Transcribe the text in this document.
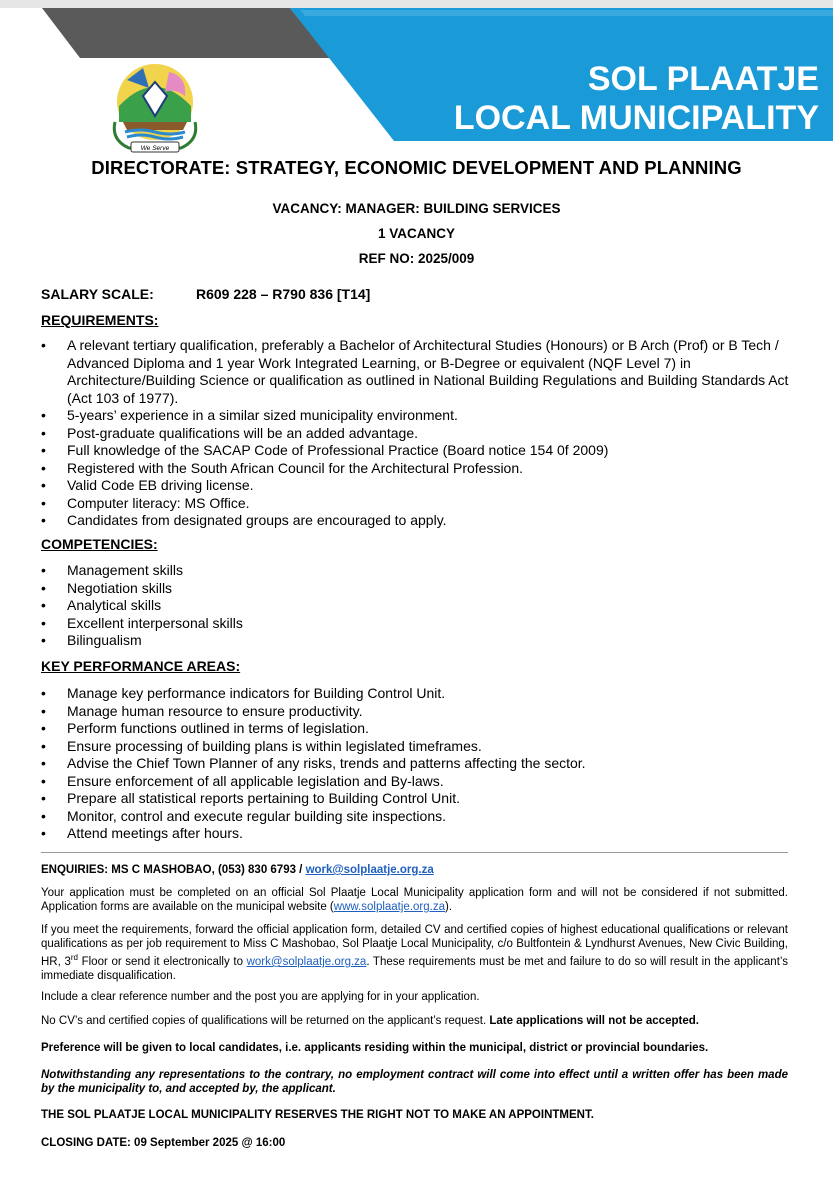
We Serve
SOL PLAATJE
LOCAL MUNICIPALITY
DIRECTORATE: STRATEGY, ECONOMIC DEVELOPMENT AND PLANNING
VACANCY: MANAGER: BUILDING SERVICES
1 VACANCY
REF NO: 2025/009
SALARY SCALE:	R609 228 – R790 836 [T14]
REQUIREMENTS:
• A relevant tertiary qualification, preferably a Bachelor of Architectural Studies (Honours) or B Arch (Prof) or B Tech / Advanced Diploma and 1 year Work Integrated Learning, or B-Degree or equivalent (NQF Level 7) in Architecture/Building Science or qualification as outlined in National Building Regulations and Building Standards Act (Act 103 of 1977).
• 5-years’ experience in a similar sized municipality environment.
• Post-graduate qualifications will be an added advantage.
• Full knowledge of the SACAP Code of Professional Practice (Board notice 154 0f 2009)
• Registered with the South African Council for the Architectural Profession.
• Valid Code EB driving license.
• Computer literacy: MS Office.
• Candidates from designated groups are encouraged to apply.
COMPETENCIES:
• Management skills
• Negotiation skills
• Analytical skills
• Excellent interpersonal skills
• Bilingualism
KEY PERFORMANCE AREAS:
• Manage key performance indicators for Building Control Unit.
• Manage human resource to ensure productivity.
• Perform functions outlined in terms of legislation.
• Ensure processing of building plans is within legislated timeframes.
• Advise the Chief Town Planner of any risks, trends and patterns affecting the sector.
• Ensure enforcement of all applicable legislation and By-laws.
• Prepare all statistical reports pertaining to Building Control Unit.
• Monitor, control and execute regular building site inspections.
• Attend meetings after hours.
ENQUIRIES: MS C MASHOBAO, (053) 830 6793 / work@solplaatje.org.za
Your application must be completed on an official Sol Plaatje Local Municipality application form and will not be considered if not submitted. Application forms are available on the municipal website (www.solplaatje.org.za).
If you meet the requirements, forward the official application form, detailed CV and certified copies of highest educational qualifications or relevant qualifications as per job requirement to Miss C Mashobao, Sol Plaatje Local Municipality, c/o Bultfontein & Lyndhurst Avenues, New Civic Building, HR, 3rd Floor or send it electronically to work@solplaatje.org.za. These requirements must be met and failure to do so will result in the applicant’s immediate disqualification.
Include a clear reference number and the post you are applying for in your application.
No CV’s and certified copies of qualifications will be returned on the applicant’s request. Late applications will not be accepted.
Preference will be given to local candidates, i.e. applicants residing within the municipal, district or provincial boundaries.
Notwithstanding any representations to the contrary, no employment contract will come into effect until a written offer has been made by the municipality to, and accepted by, the applicant.
THE SOL PLAATJE LOCAL MUNICIPALITY RESERVES THE RIGHT NOT TO MAKE AN APPOINTMENT.
CLOSING DATE: 09 September 2025 @ 16:00
